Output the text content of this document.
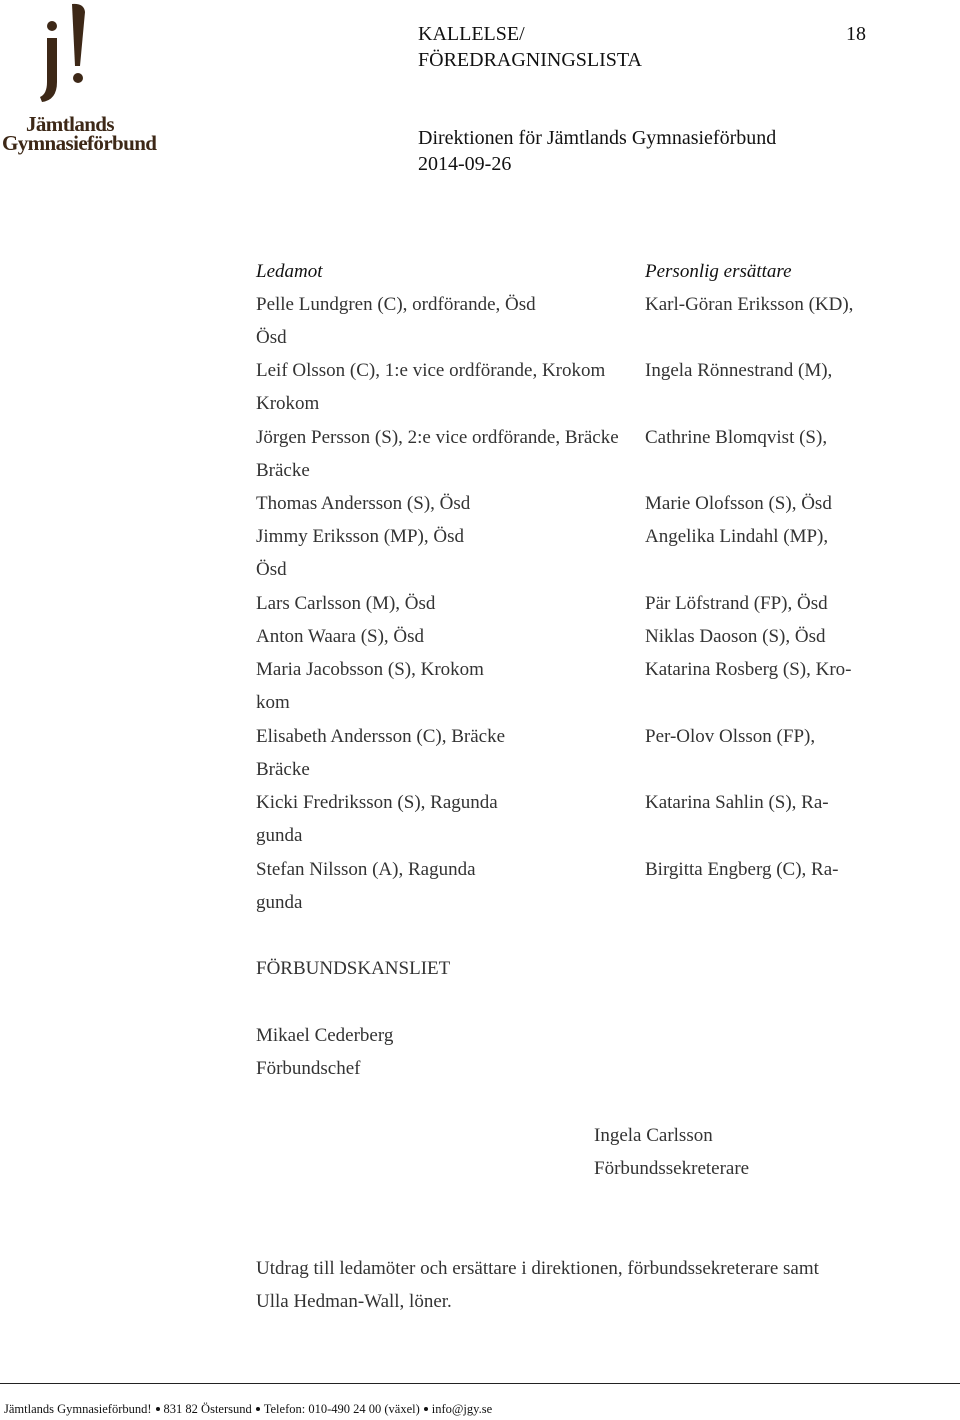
Jämtlands
Gymnasieförbund
KALLELSE/
FÖREDRAGNINGSLISTA
18
Direktionen för Jämtlands Gymnasieförbund
2014-09-26
Ledamot	Personlig ersättare
Pelle Lundgren (C), ordförande, Ösd
Ösd
Leif Olsson (C), 1:e vice ordförande, Krokom
Krokom
Jörgen Persson (S), 2:e vice ordförande, Bräcke
Bräcke
Thomas Andersson (S), Ösd
Jimmy Eriksson (MP), Ösd
Ösd
Lars Carlsson (M), Ösd
Anton Waara (S), Ösd
Maria Jacobsson (S), Krokom
kom
Elisabeth Andersson (C), Bräcke
Bräcke
Kicki Fredriksson (S), Ragunda
gunda
Stefan Nilsson (A), Ragunda
gunda
Karl-Göran Eriksson (KD),
Ingela Rönnestrand (M),
Cathrine Blomqvist (S),
Marie Olofsson (S), Ösd
Angelika Lindahl (MP),
Pär Löfstrand (FP), Ösd
Niklas Daoson (S), Ösd
Katarina Rosberg (S), Kro-
Per-Olov Olsson (FP),
Katarina Sahlin (S), Ra-
Birgitta Engberg (C), Ra-
FÖRBUNDSKANSLIET
Mikael Cederberg
Förbundschef
Ingela Carlsson
Förbundssekreterare
Utdrag till ledamöter och ersättare i direktionen, förbundssekreterare samt
Ulla Hedman-Wall, löner.
Jämtlands Gymnasieförbund! 831 82 Östersund Telefon: 010-490 24 00 (växel) info@jgy.se
